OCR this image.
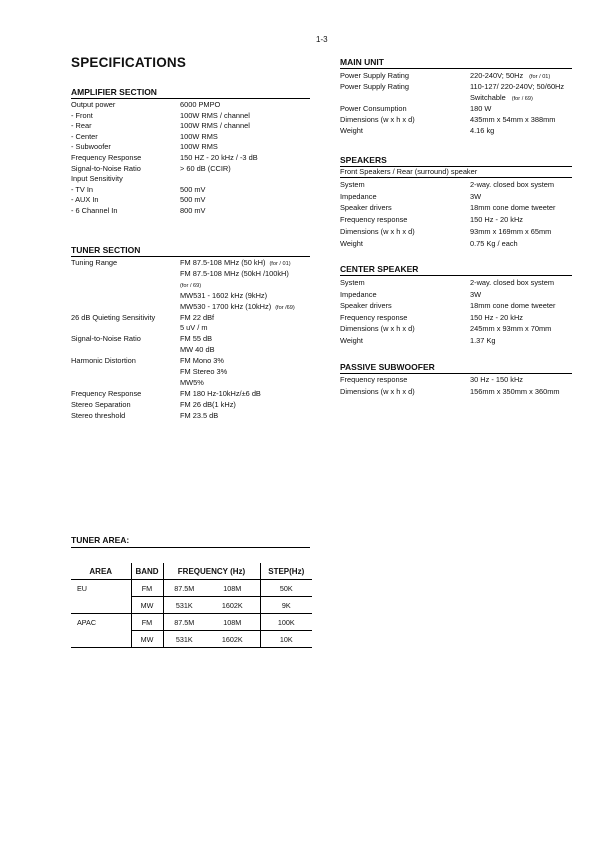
1-3
SPECIFICATIONS
AMPLIFIER SECTION
Output power	6000 PMPO
- Front	100W RMS / channel
- Rear	100W RMS / channel
- Center	100W RMS
- Subwoofer	100W RMS
Frequency Response	150 HZ - 20 kHz / -3 dB
Signal-to-Noise Ratio	> 60 dB (CCIR)
Input Sensitivity
- TV In	500 mV
- AUX In	500 mV
- 6 Channel In	800 mV
TUNER SECTION
Tuning Range	FM 87.5-108 MHz (50 kH) (for / 01)
FM 87.5-108 MHz (50kH /100kH)
(for / 69)
MW531 - 1602 kHz (9kHz)
MW530 - 1700 kHz (10kHz) (for /69)
26 dB Quieting Sensitivity	FM 22 dBf
5 uV / m
Signal-to-Noise Ratio	FM 55 dB
MW 40 dB
Harmonic Distortion	FM Mono 3%
FM Stereo 3%
MW5%
Frequency Response	FM 180 Hz-10kHz/±6 dB
Stereo Separation	FM 26 dB(1 kHz)
Stereo threshold	FM 23.5 dB
MAIN UNIT
Power Supply Rating	220-240V; 50Hz (for / 01)
Power Supply Rating	110-127/ 220-240V; 50/60Hz
Switchable (for / 69)
Power Consumption	180 W
Dimensions (w x h x d)	435mm x 54mm x 388mm
Weight	4.16 kg
SPEAKERS
Front Speakers / Rear (surround) speaker
System	2-way. closed box system
Impedance	3W
Speaker drivers	18mm cone dome tweeter
Frequency response	150 Hz - 20 kHz
Dimensions (w x h x d)	93mm x 169mm x 65mm
Weight	0.75 Kg / each
CENTER SPEAKER
System	2-way. closed box system
Impedance	3W
Speaker drivers	18mm cone dome tweeter
Frequency response	150 Hz - 20 kHz
Dimensions (w x h x d)	245mm x 93mm x 70mm
Weight	1.37 Kg
PASSIVE SUBWOOFER
Frequency response	30 Hz - 150 kHz
Dimensions (w x h x d)	156mm x 350mm x 360mm
TUNER AREA:
AREA	BAND	FREQUENCY (Hz)		STEP(Hz)
EU	FM	87.5M	108M	50K
	MW	531K	1602K	9K
APAC	FM	87.5M	108M	100K
	MW	531K	1602K	10K
